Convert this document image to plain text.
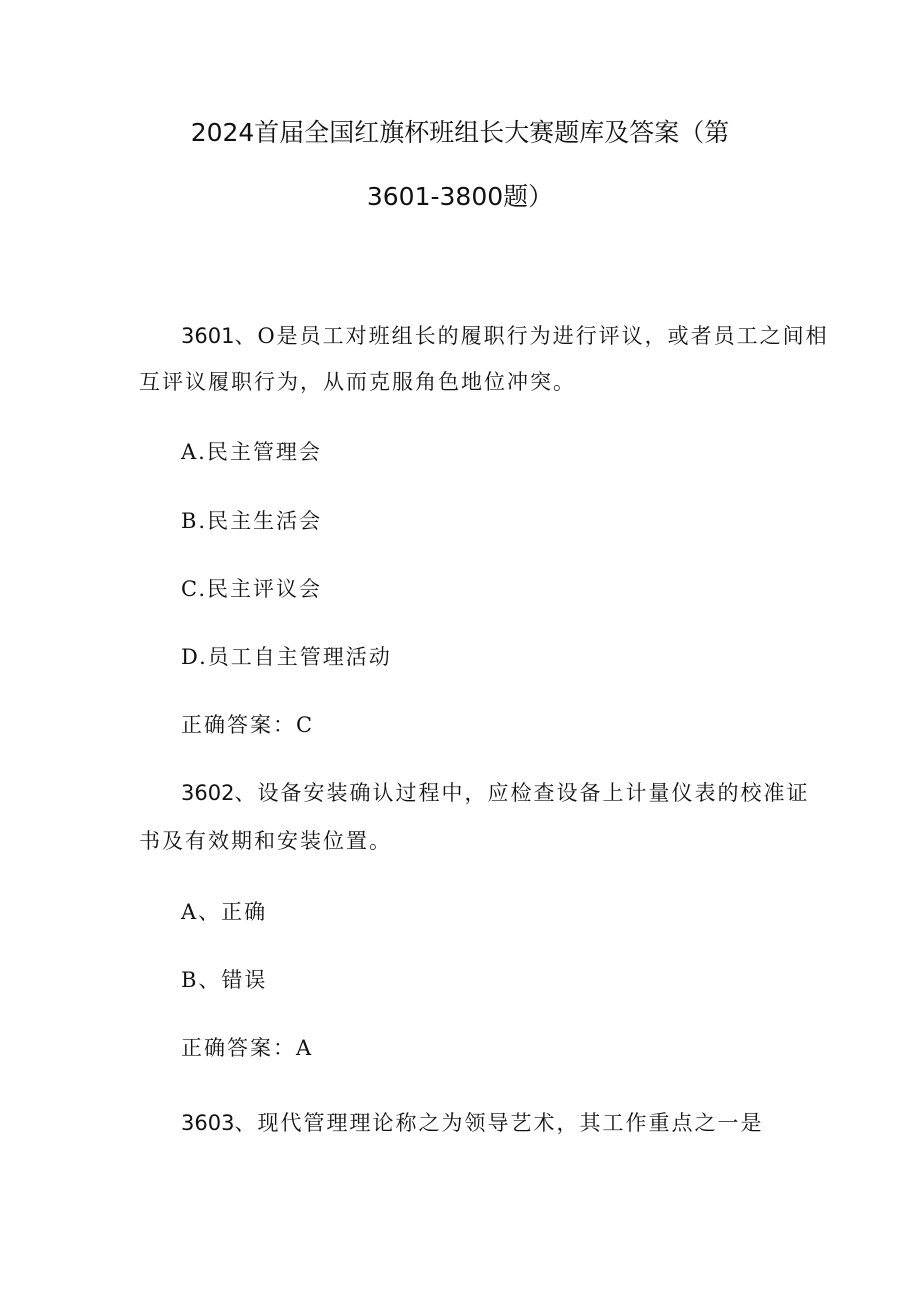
2024首届全国红旗杯班组长大赛题库及答案（第
3601-3800题）
3601、O是员工对班组长的履职行为进行评议，或者员工之间相
互评议履职行为，从而克服角色地位冲突。
A.民主管理会
B.民主生活会
C.民主评议会
D.员工自主管理活动
正确答案：C
3602、设备安装确认过程中，应检查设备上计量仪表的校准证
书及有效期和安装位置。
A、正确
B、错误
正确答案：A
3603、现代管理理论称之为领导艺术，其工作重点之一是
